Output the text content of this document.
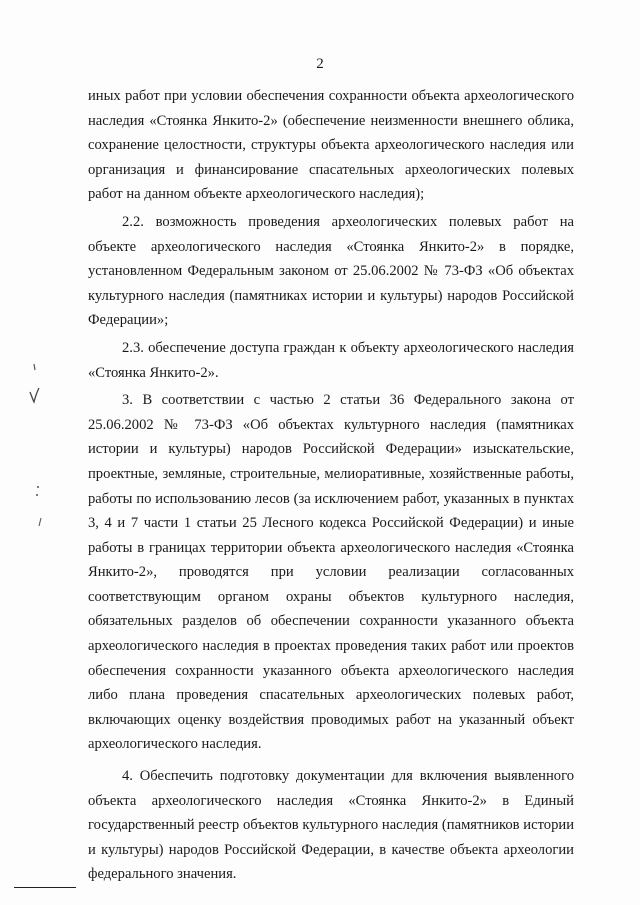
2

иных работ при условии обеспечения сохранности объекта археологического наследия «Стоянка Янкито-2» (обеспечение неизменности внешнего облика, сохранение целостности, структуры объекта археологического наследия или организация и финансирование спасательных археологических полевых работ на данном объекте археологического наследия);

2.2. возможность проведения археологических полевых работ на объекте археологического наследия «Стоянка Янкито-2» в порядке, установленном Федеральным законом от 25.06.2002 № 73-ФЗ «Об объектах культурного наследия (памятниках истории и культуры) народов Российской Федерации»;

2.3. обеспечение доступа граждан к объекту археологического наследия «Стоянка Янкито-2».

3. В соответствии с частью 2 статьи 36 Федерального закона от 25.06.2002 № 73-ФЗ «Об объектах культурного наследия (памятниках истории и культуры) народов Российской Федерации» изыскательские, проектные, земляные, строительные, мелиоративные, хозяйственные работы, работы по использованию лесов (за исключением работ, указанных в пунктах 3, 4 и 7 части 1 статьи 25 Лесного кодекса Российской Федерации) и иные работы в границах территории объекта археологического наследия «Стоянка Янкито-2», проводятся при условии реализации согласованных соответствующим органом охраны объектов культурного наследия, обязательных разделов об обеспечении сохранности указанного объекта археологического наследия в проектах проведения таких работ или проектов обеспечения сохранности указанного объекта археологического наследия либо плана проведения спасательных археологических полевых работ, включающих оценку воздействия проводимых работ на указанный объект археологического наследия.

4. Обеспечить подготовку документации для включения выявленного объекта археологического наследия «Стоянка Янкито-2» в Единый государственный реестр объектов культурного наследия (памятников истории и культуры) народов Российской Федерации, в качестве объекта археологии федерального значения.
